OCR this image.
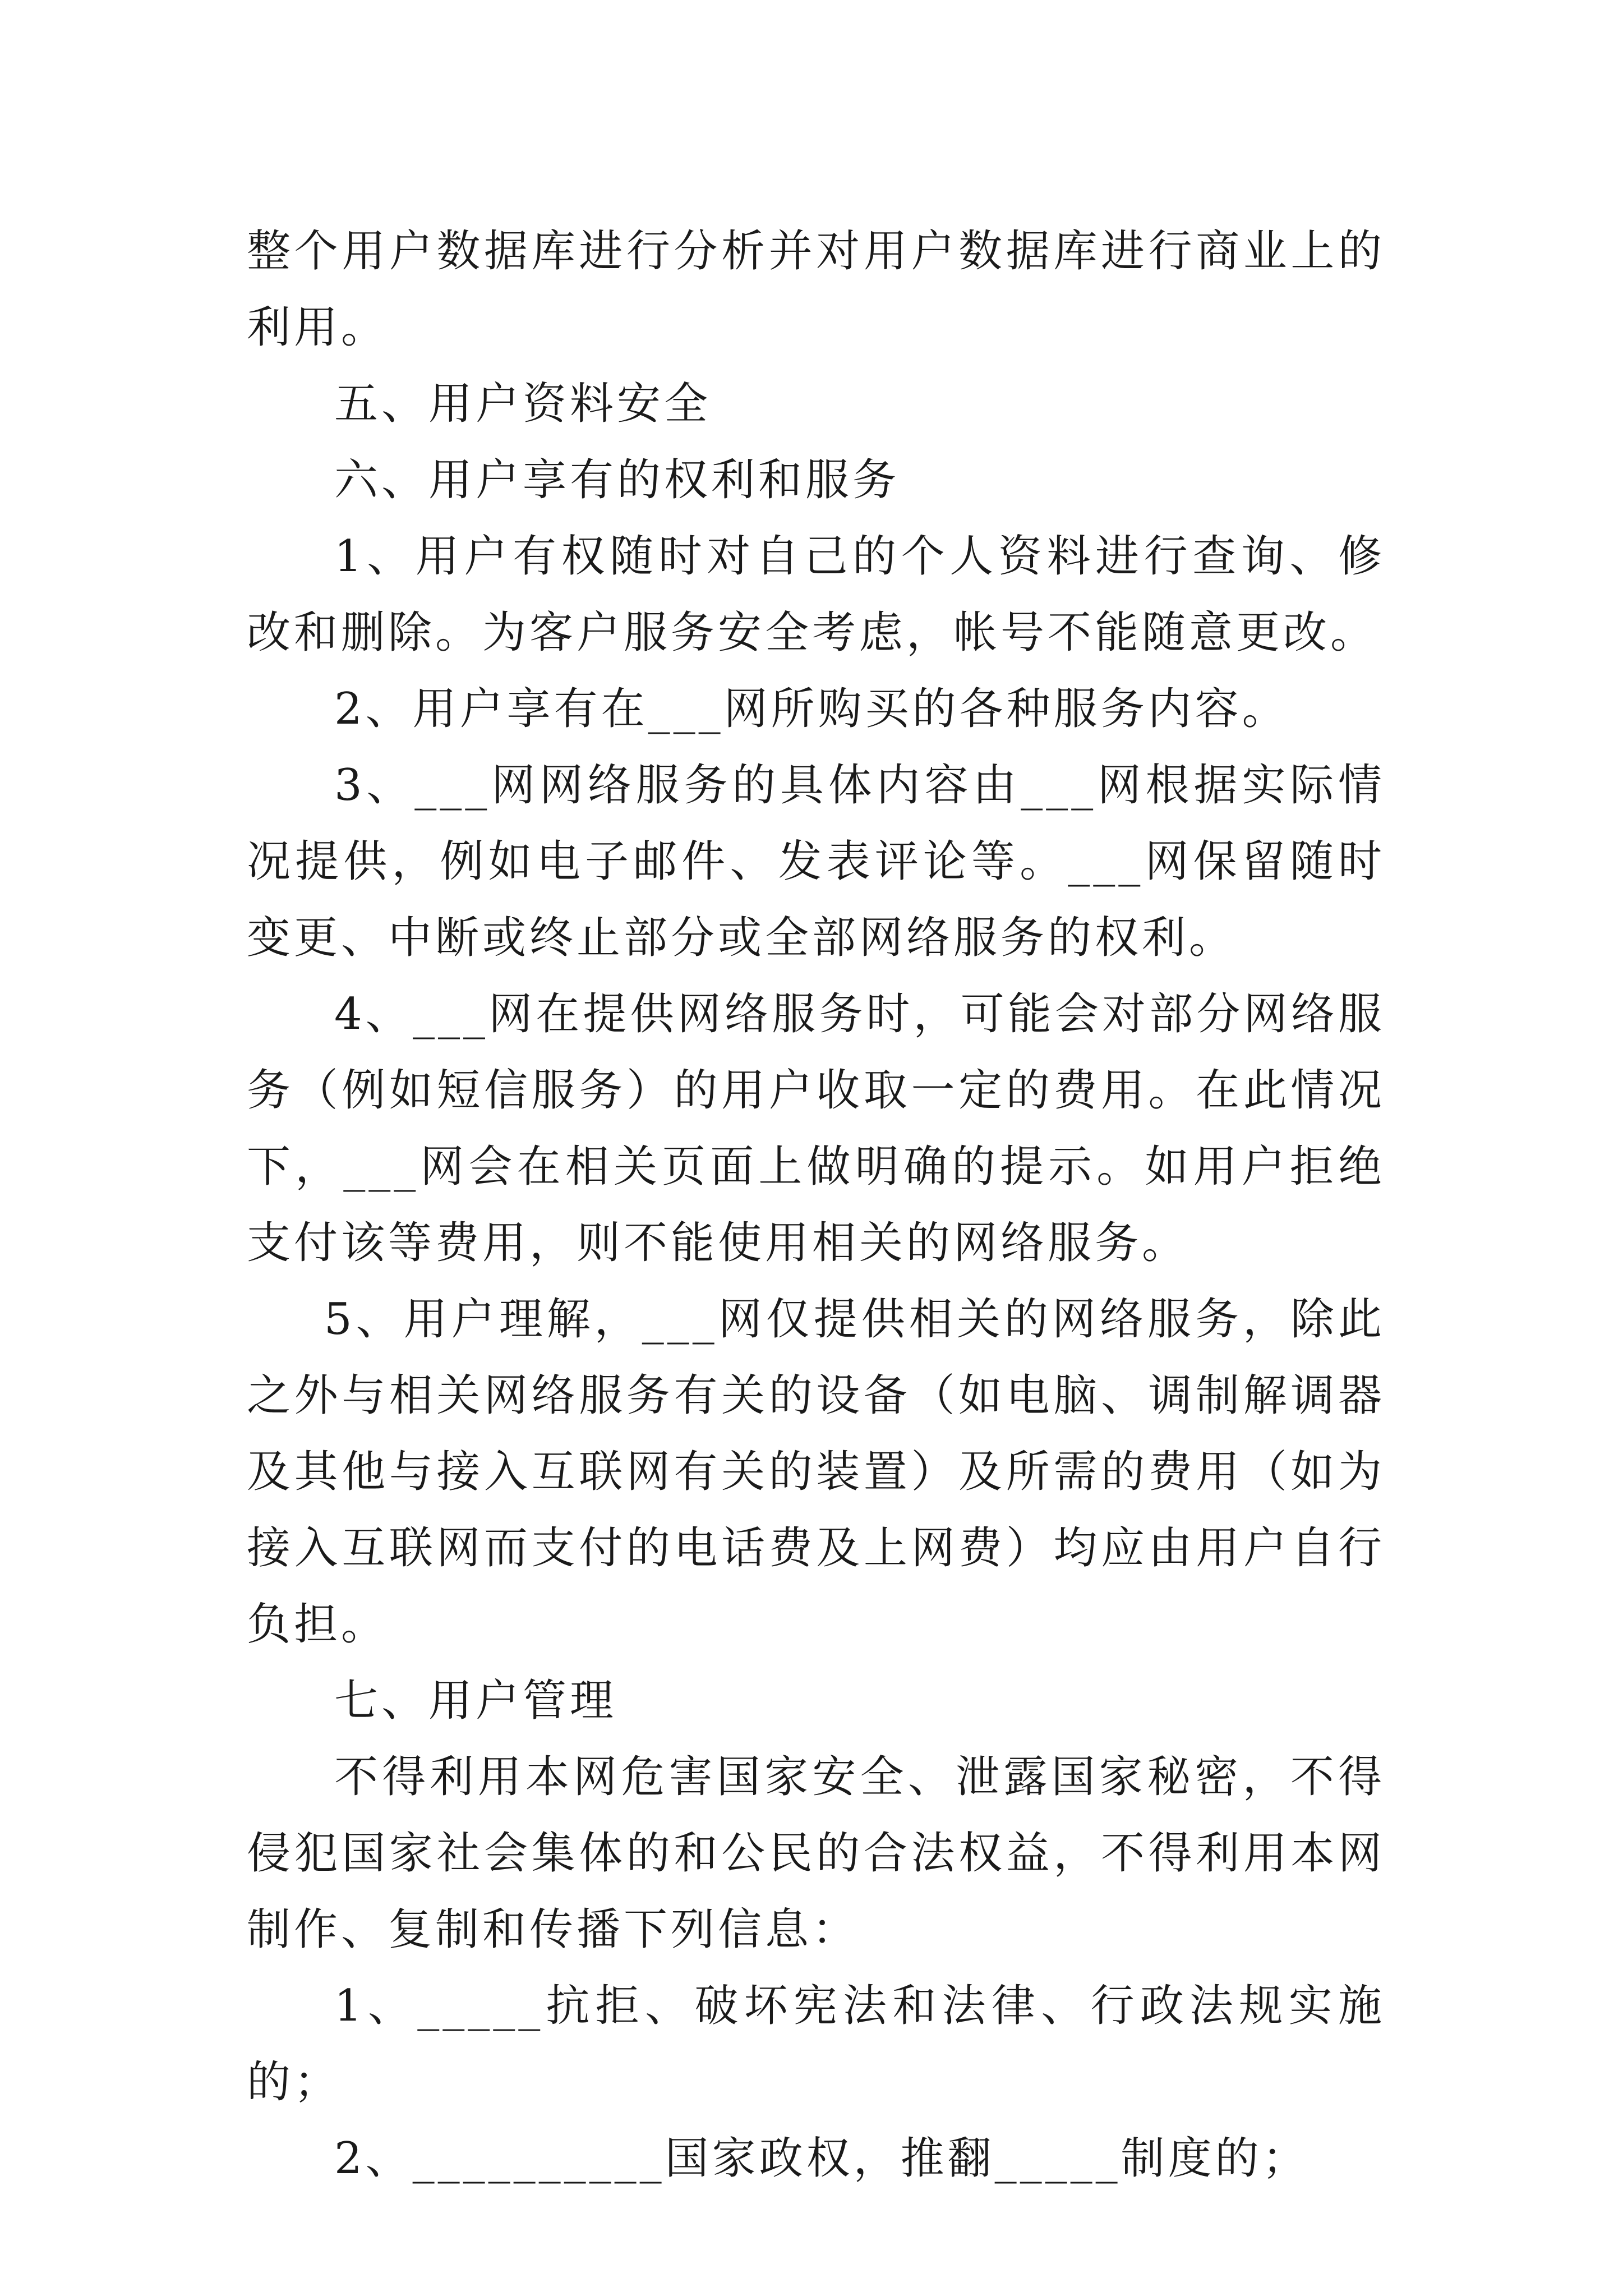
整个用户数据库进行分析并对用户数据库进行商业上的利用。

五、用户资料安全

六、用户享有的权利和服务

1、用户有权随时对自己的个人资料进行查询、修改和删除。为客户服务安全考虑，帐号不能随意更改。

2、用户享有在___网所购买的各种服务内容。

3、___网网络服务的具体内容由___网根据实际情况提供，例如电子邮件、发表评论等。___网保留随时变更、中断或终止部分或全部网络服务的权利。

4、___网在提供网络服务时，可能会对部分网络服务（例如短信服务）的用户收取一定的费用。在此情况下，___网会在相关页面上做明确的提示。如用户拒绝支付该等费用，则不能使用相关的网络服务。

5、用户理解，___网仅提供相关的网络服务，除此之外与相关网络服务有关的设备（如电脑、调制解调器及其他与接入互联网有关的装置）及所需的费用（如为接入互联网而支付的电话费及上网费）均应由用户自行负担。

七、用户管理

不得利用本网危害国家安全、泄露国家秘密，不得侵犯国家社会集体的和公民的合法权益，不得利用本网制作、复制和传播下列信息：

1、_____抗拒、破坏宪法和法律、行政法规实施的；

2、__________国家政权，推翻_____制度的；
